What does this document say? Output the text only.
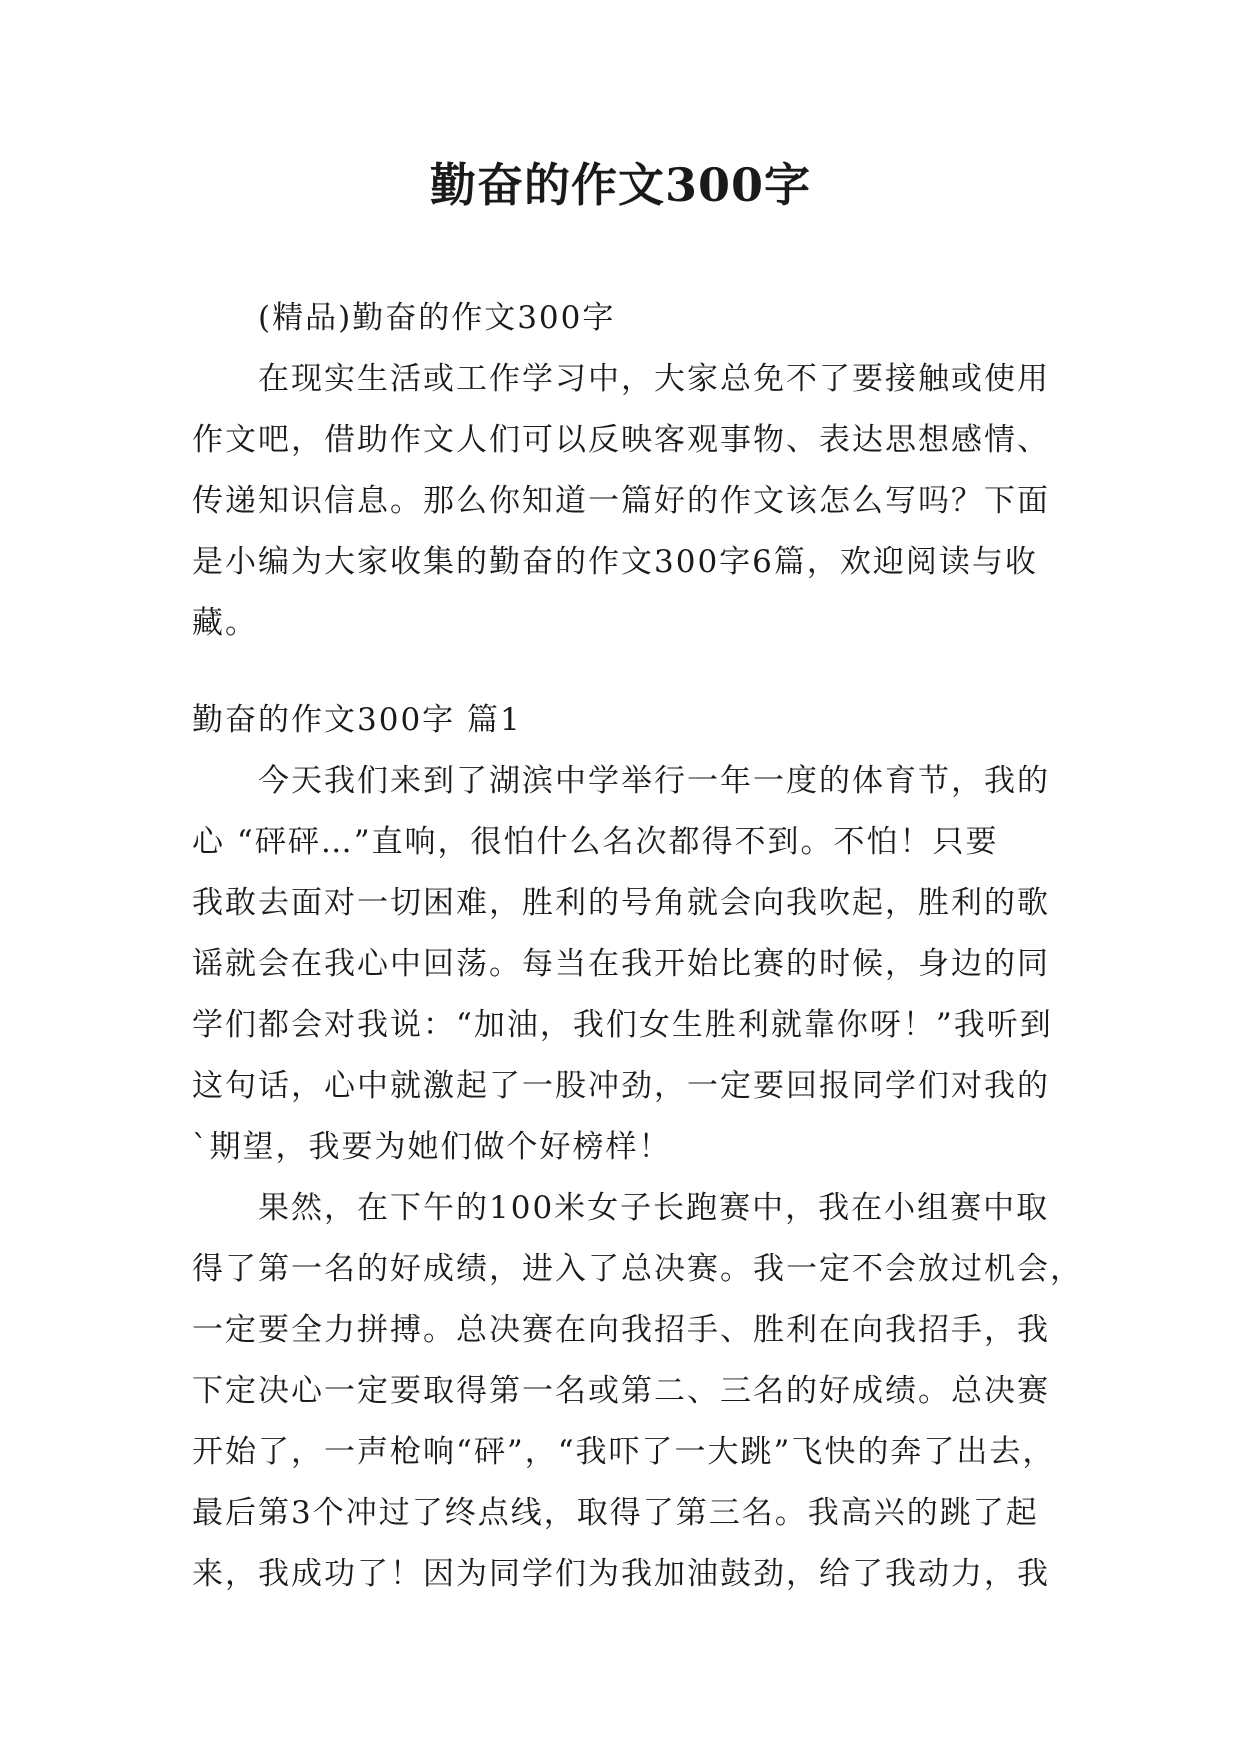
勤奋的作文300字
(精品)勤奋的作文300字
在现实生活或工作学习中，大家总免不了要接触或使用
作文吧，借助作文人们可以反映客观事物、表达思想感情、
传递知识信息。那么你知道一篇好的作文该怎么写吗？下面
是小编为大家收集的勤奋的作文300字6篇，欢迎阅读与收
藏。
勤奋的作文300字 篇1
今天我们来到了湖滨中学举行一年一度的体育节，我的
心 “砰砰…”直响，很怕什么名次都得不到。不怕！只要
我敢去面对一切困难，胜利的号角就会向我吹起，胜利的歌
谣就会在我心中回荡。每当在我开始比赛的时候，身边的同
学们都会对我说：“加油，我们女生胜利就靠你呀！”我听到
这句话，心中就激起了一股冲劲，一定要回报同学们对我的
`期望，我要为她们做个好榜样！
果然，在下午的100米女子长跑赛中，我在小组赛中取
得了第一名的好成绩，进入了总决赛。我一定不会放过机会，
一定要全力拼搏。总决赛在向我招手、胜利在向我招手，我
下定决心一定要取得第一名或第二、三名的好成绩。总决赛
开始了，一声枪响“砰”，“我吓了一大跳”飞快的奔了出去，
最后第3个冲过了终点线，取得了第三名。我高兴的跳了起
来，我成功了！因为同学们为我加油鼓劲，给了我动力，我
